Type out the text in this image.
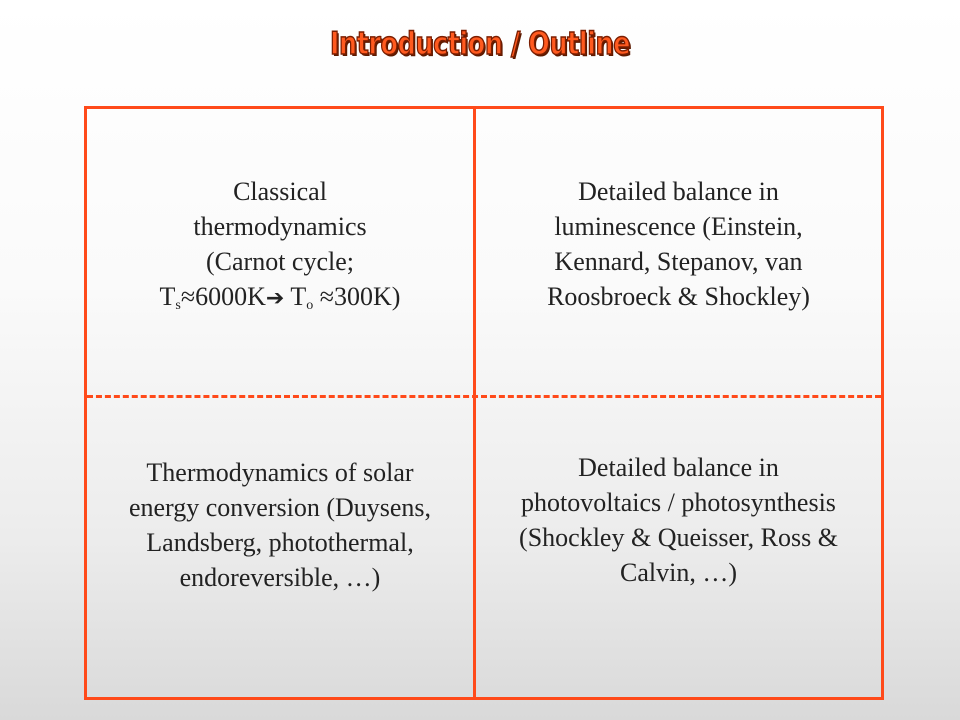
Introduction / Outline
Classical
thermodynamics
(Carnot cycle;
$T_s\approx 6000K➔$ $T_o \approx 300K$)
Detailed balance in
luminescence (Einstein,
Kennard, Stepanov, van
Roosbroeck & Shockley)
Thermodynamics of solar
energy conversion (Duysens,
Landsberg, photothermal,
endoreversible, …)
Detailed balance in
photovoltaics / photosynthesis
(Shockley & Queisser, Ross &
Calvin, …)
